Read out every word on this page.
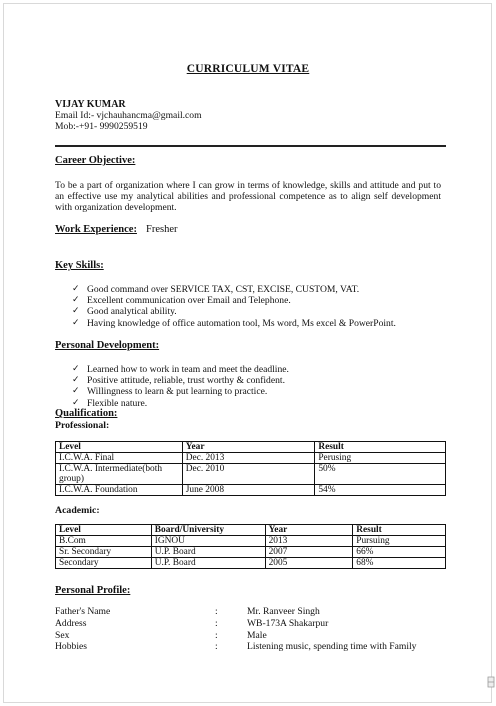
CURRICULUM VITAE
VIJAY KUMAR
Email Id:- vjchauhancma@gmail.com
Mob:-+91- 9990259519
Career Objective:
To be a part of organization where I can grow in terms of knowledge, skills and attitude and put to an effective use my analytical abilities and professional competence as to align self development with organization development.
Work Experience: Fresher
Key Skills:
✓ Good command over SERVICE TAX, CST, EXCISE, CUSTOM, VAT.
✓ Excellent communication over Email and Telephone.
✓ Good analytical ability.
✓ Having knowledge of office automation tool, Ms word, Ms excel & PowerPoint.
Personal Development:
✓ Learned how to work in team and meet the deadline.
✓ Positive attitude, reliable, trust worthy & confident.
✓ Willingness to learn & put learning to practice.
✓ Flexible nature.
Qualification:
Professional:
Level	Year	Result
I.C.W.A. Final	Dec. 2013	Perusing
I.C.W.A. Intermediate(both group)	Dec. 2010	50%
I.C.W.A. Foundation	June 2008	54%
Academic:
Level	Board/University	Year	Result
B.Com	IGNOU	2013	Pursuing
Sr. Secondary	U.P. Board	2007	66%
Secondary	U.P. Board	2005	68%
Personal Profile:
Father's Name	:	Mr. Ranveer Singh
Address	:	WB-173A Shakarpur
Sex	:	Male
Hobbies	:	Listening music, spending time with Family
